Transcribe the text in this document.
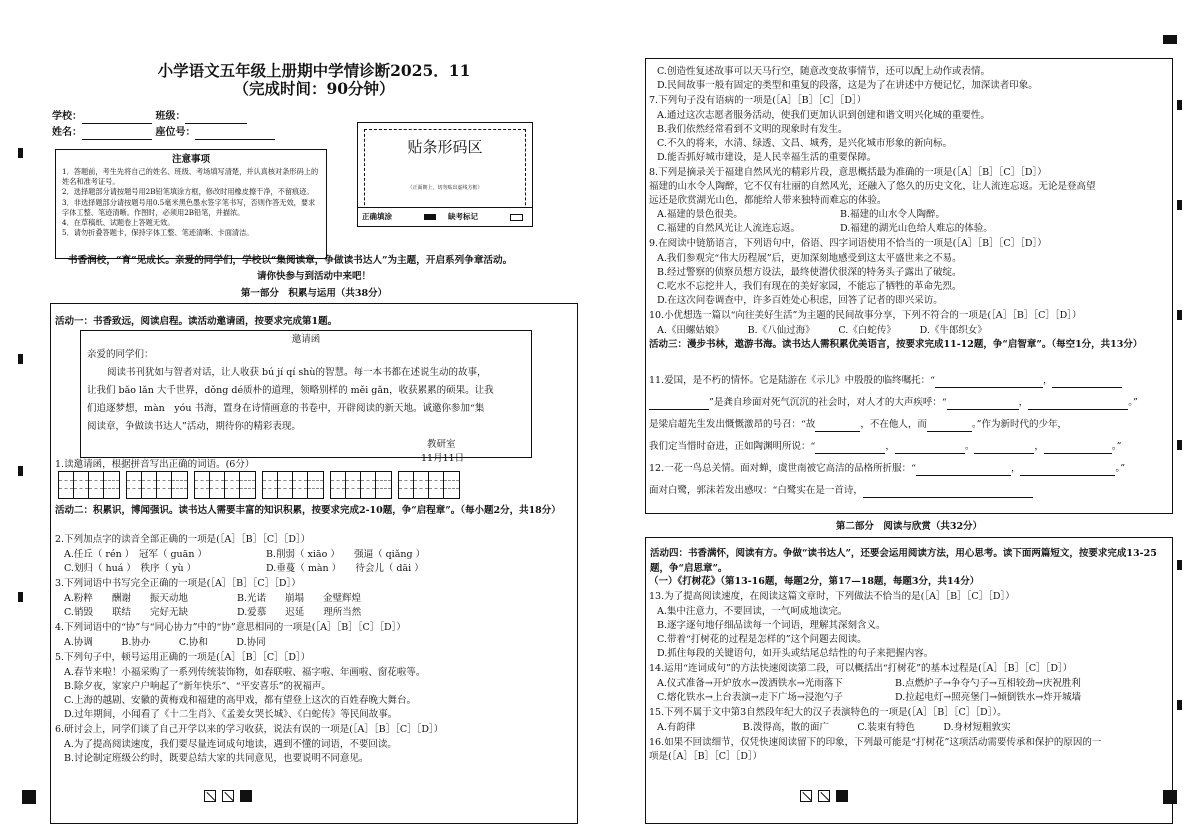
小学语文五年级上册期中学情诊断2025．11
（完成时间：90分钟）
学校：	班级：
姓名：	座位号：
注意事项
1．答题前，考生先将自己的姓名、班级、考场填写清楚，并认真核对条形码上的姓名和准考证号。
2．选择题部分请按题号用2B铅笔填涂方框，修改时用橡皮擦干净，不留痕迹。
3．非选择题部分请按题号用0.5毫米黑色墨水签字笔书写，否则作答无效，要求字体工整、笔迹清晰。作图时，必须用2B铅笔，并描浓。
4．在草稿纸、试题卷上答题无效。
5．请勿折叠答题卡，保持字体工整、笔迹清晰、卡面清洁。
贴条形码区
（正面朝上，切勿贴出虚线方框）
正确填涂	缺考标记
书香润校，“育”见成长。亲爱的同学们，学校以“集阅读章，争做读书达人”为主题，开启系列争章活动。
请你快参与到活动中来吧！
第一部分　积累与运用（共38分）
活动一：书香致远，阅读启程。读活动邀请函，按要求完成第1题。
邀请函
亲爱的同学们：
阅读书刊犹如与智者对话，让人收获 bú jí qí shù的智慧。每一本书都在述说生动的故事，
让我们 bǎo lǎn 大千世界，dǒng dé质朴的道理，领略别样的 měi gǎn，收获累累的硕果。让我
们追逐梦想，màn　yóu 书海，置身在诗情画意的书卷中，开辟阅读的新天地。诚邀你参加“集
阅读章，争做读书达人”活动，期待你的精彩表现。
教研室
11月11日
1.读邀请函，根据拼音写出正确的词语。(6分）
活动二：积累识，博闻强识。读书达人需要丰富的知识积累，按要求完成2-10题，争“启程章”。（每小题2分，共18分）
2.下列加点字的读音全部正确的一项是(［A］［B］［C］［D］）
A.任丘（ rén ）　冠军（ guān ）	B.削弱（ xiāo ）　　强逼（ qiǎng ）
C.划归（ huá ）　秩序（ yù ）	D.垂蔓（ màn ）　　待会儿（ dāi ）
3.下列词语中书写完全正确的一项是(［A］［B］［C］［D］）
A.粉粹　　酬谢　　振天动地	B.光诺　　崩塌　　金璧辉煌
C.销毁　　联结　　完好无缺	D.爱慕　　迟延　　理所当然
4.下列词语中的“协”与“同心协力”中的“协”意思相同的一项是(［A］［B］［C］［D］）
A.协调　　　B.协办　　　C.协和　　　D.协同
5.下列句子中，顿号运用正确的一项是(［A］［B］［C］［D］）
A.春节来啦！小福采购了一系列传统装饰物，如春联啦、福字啦、年画啦、窗花啦等。
B.除夕夜，家家户户响起了“新年快乐”、“平安喜乐”的祝福声。
C.上海的越剧、安徽的黄梅戏和福建的高甲戏，都有望登上这次的百姓春晚大舞台。
D.过年期间，小闻看了《十二生肖》、《孟姜女哭长城》、《白蛇传》等民间故事。
6.研讨会上，同学们谈了自己开学以来的学习收获，说法有误的一项是(［A］［B］［C］［D］）
A.为了提高阅读速度，我们要尽量连词成句地读，遇到不懂的词语，不要回读。
B.讨论制定班级公约时，既要总结大家的共同意见，也要说明不同意见。
C.创造性复述故事可以天马行空，随意改变故事情节，还可以配上动作或表情。
D.民间故事一般有固定的类型和重复的段落，这是为了在讲述中方便记忆，加深读者印象。
7.下列句子没有语病的一项是(［A］［B］［C］［D］）
A.通过这次志愿者服务活动，使我们更加认识到创建和谐文明兴化城的重要性。
B.我们依然经常看到不文明的现象时有发生。
C.不久的将来，水清、绿透、文昌、城秀，是兴化城市形象的新向标。
D.能否抓好城市建设，是人民幸福生活的重要保障。
8.下列是摘录关于福建自然风光的精彩片段，意思概括最为准确的一项是(［A］［B］［C］［D］）
福建的山水令人陶醉，它不仅有壮丽的自然风光，还融入了悠久的历史文化，让人流连忘返。无论是登高望
远还是欣赏湖光山色，都能给人带来独特而难忘的体验。
A.福建的景色很美。	B.福建的山水令人陶醉。
C.福建的自然风光让人流连忘返。	D.福建的湖光山色给人难忘的体验。
9.在阅读中链筋语言，下列语句中，俗语、四字词语使用不恰当的一项是(［A］［B］［C］［D］）
A.我们参观完“伟大历程展”后，更加深刻地感受到这太平盛世来之不易。
B.经过警察的侦察员想方设法，最终使潜伏很深的特务头子露出了破绽。
C.吃水不忘挖井人，我们有现在的美好家园，不能忘了牺牲的革命先烈。
D.在这次问卷调查中，许多百姓处心积虑，回答了记者的即兴采访。
10.小优想选一篇以“向往美好生活”为主题的民间故事分享，下列不符合的一项是(［A］［B］［C］［D］）
A.《田螺姑娘》　　　B.《八仙过海》　　　C.《白蛇传》　　　D.《牛郎织女》
活动三：漫步书林，遨游书海。读书达人需积累优美语言，按要求完成11-12题，争“启智章”。（每空1分，共13分）
11.爱国，是不朽的情怀。它是陆游在《示儿》中殷殷的临终嘱托：“	，
”是龚自珍面对死气沉沉的社会时，对人才的大声疾呼：“	，	。”
是梁启超先生发出慨慨激昂的号召：“故	，不在他人，而	。”作为新时代的少年，
我们定当惜时奋进，正如陶渊明所说：“	，	。	，	。”
12.一花一鸟总关情。面对蝉，虞世南被它高洁的品格所折服：“	，	。”
面对白鹭，郭沫若发出感叹：“白鹭实在是一首诗，
第二部分　阅读与欣赏（共32分）
活动四：书香满怀，阅读有方。争做“读书达人”，还要会运用阅读方法，用心思考。读下面两篇短文，按要求完成13-25题，争“启思章”。
（一）《打树花》（第13-16题，每题2分，第17—18题，每题3分，共14分）
13.为了提高阅读速度，在阅读这篇文章时，下列做法不恰当的是(［A］［B］［C］［D］）
A.集中注意力，不要回读，一气呵成地读完。
B.逐字逐句地仔细品读每一个词语，理解其深刻含义。
C.带着“打树花的过程是怎样的”这个问题去阅读。
D.抓住每段的关键语句，如开头或结尾总结性的句子来把握内容。
14.运用“连词成句”的方法快速阅读第二段，可以概括出“打树花”的基本过程是(［A］［B］［C］［D］）
A.仪式准备→开炉放水→泼洒铁水→光雨落下	B.点燃炉子→争夺勺子→互相较劲→庆祝胜利
C.熔化铁水→上台表演→走下广场→浸泡勺子	D.拉起电灯→照亮堡门→倾倒铁水→炸开城墙
15.下列不属于文中第3自然段年纪大的汉子表演特色的一项是(［A］［B］［C］［D］）。
A.有韵律　　　　　B.泼得高，散的面广　　　C.装束有特色　　　D.身材短粗敦实
16.如果不回读细节，仅凭快速阅读留下的印象，下列最可能是“打树花”这项活动需要传承和保护的原因的一
项是(［A］［B］［C］［D］）
